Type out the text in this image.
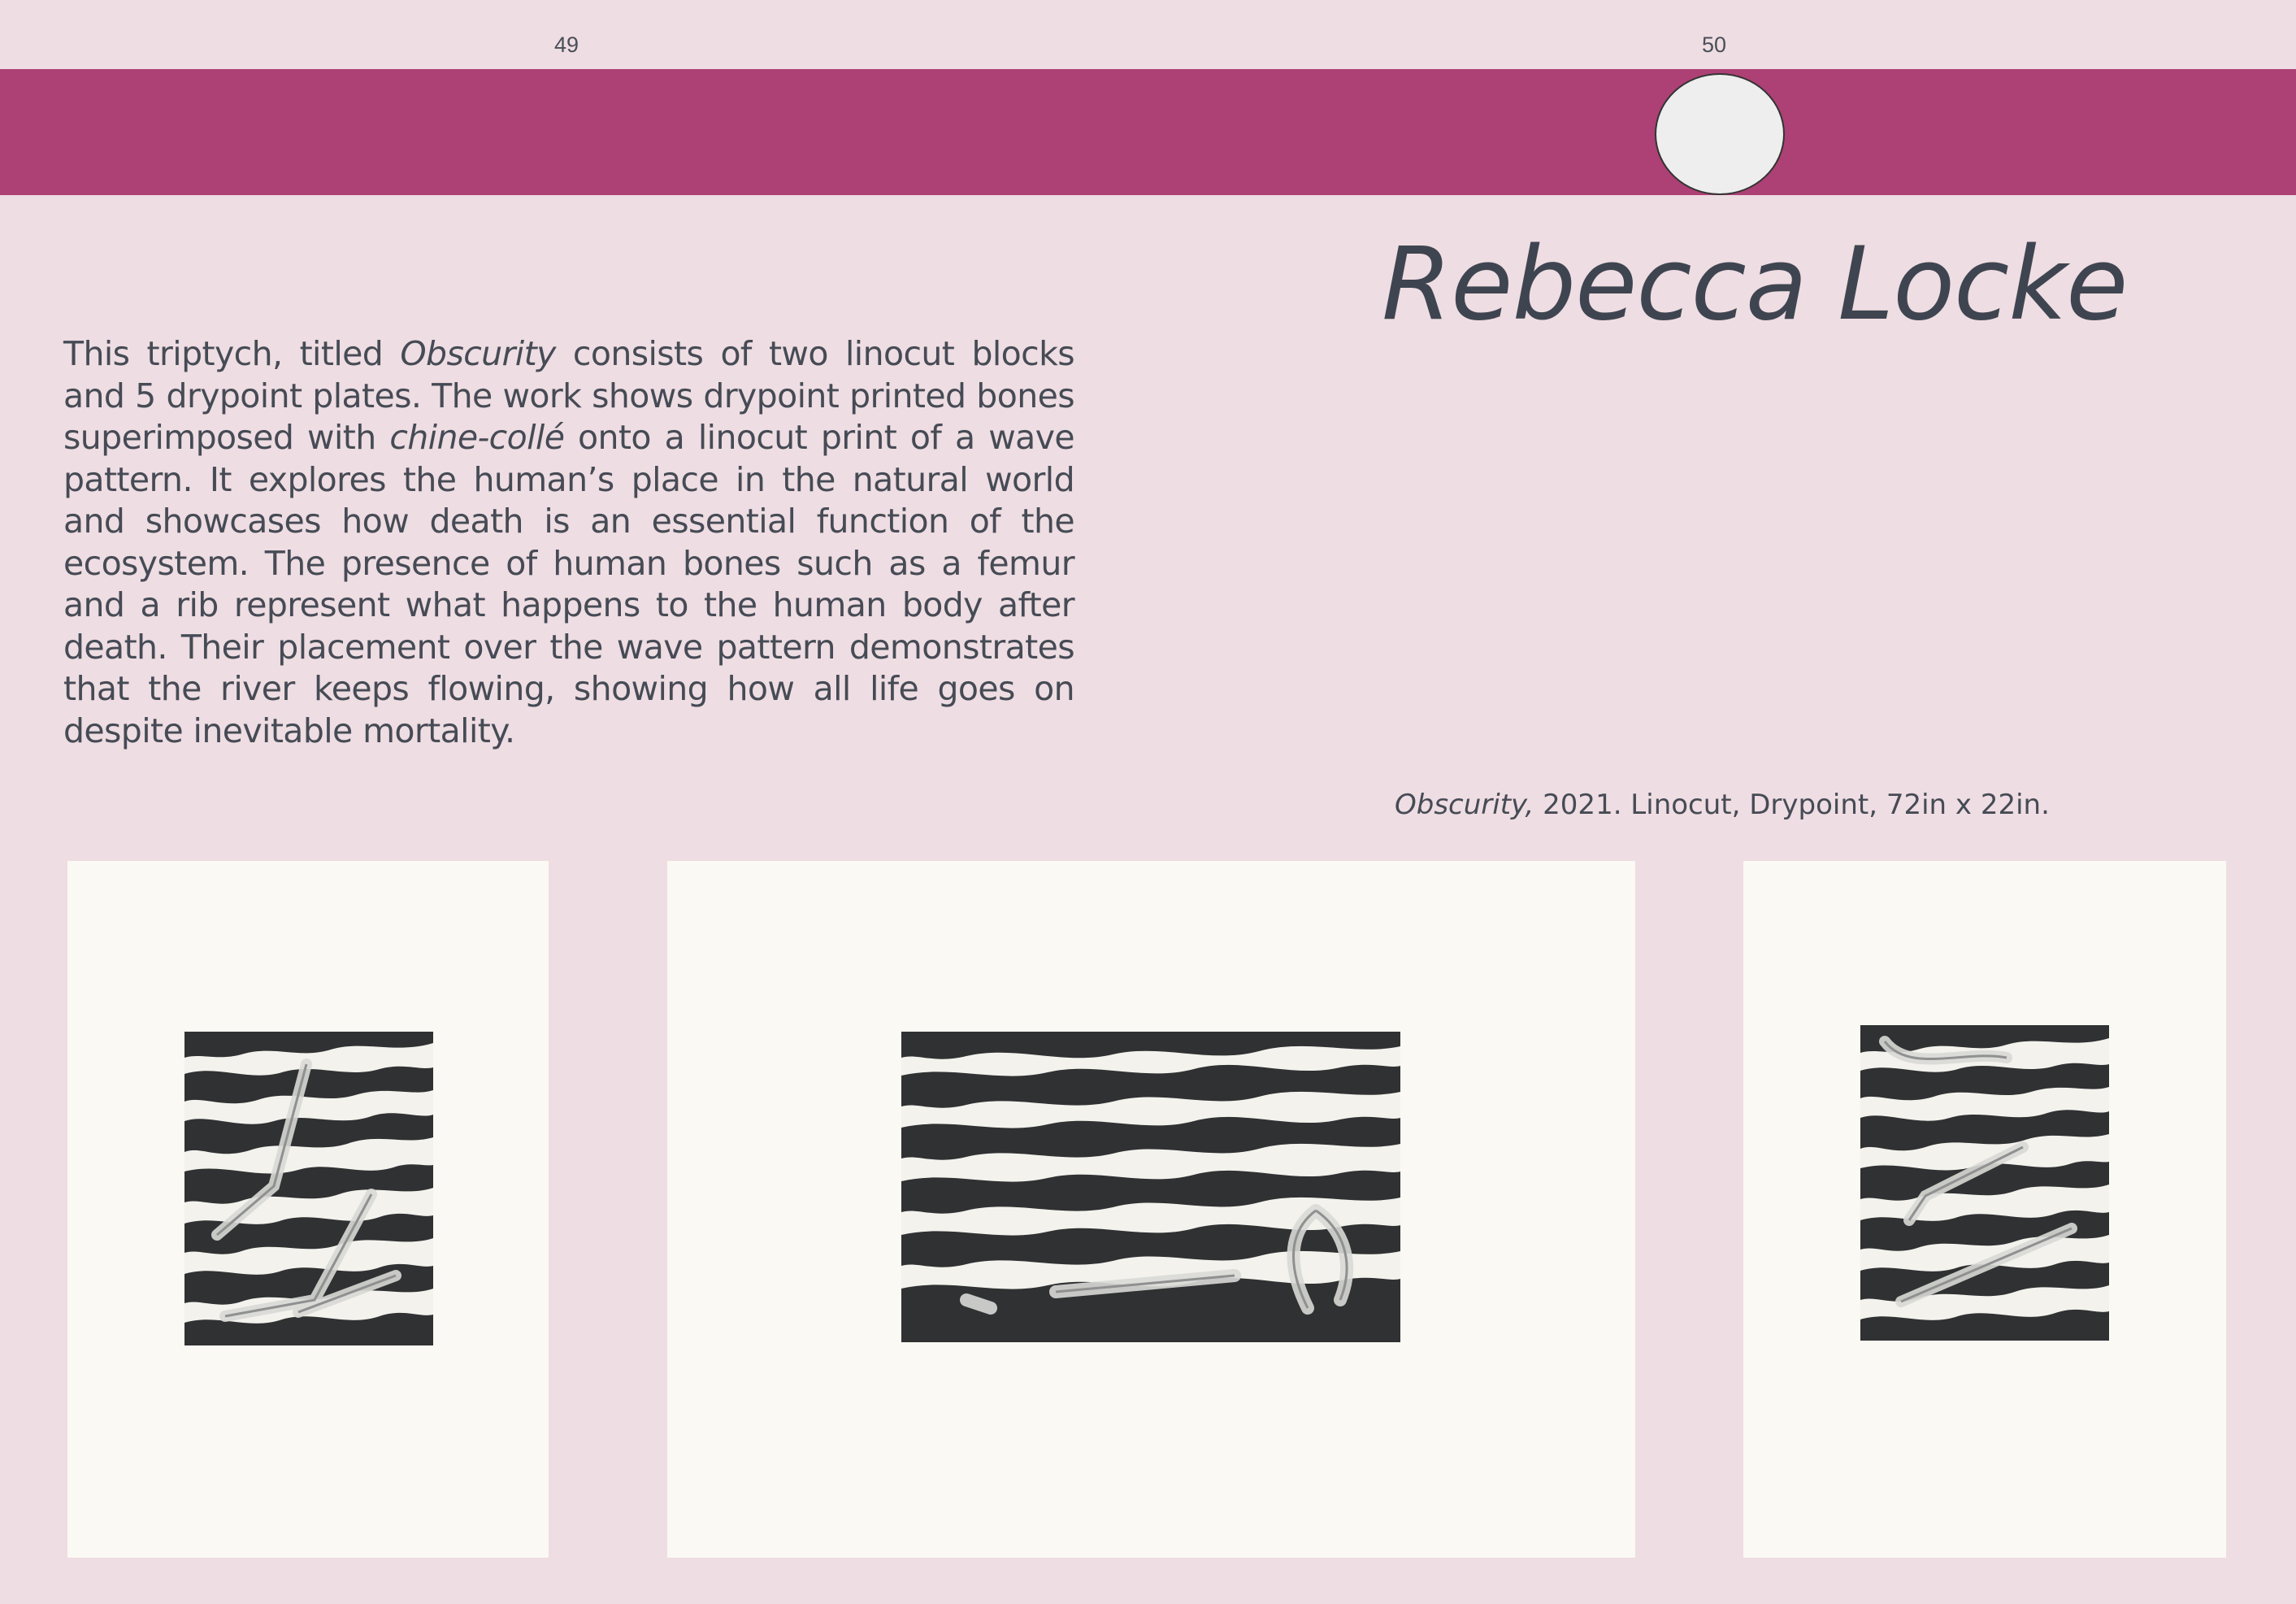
49	50
Rebecca Locke

This triptych, titled Obscurity consists of two linocut blocks and 5 drypoint plates. The work shows drypoint printed bones superimposed with chine-collé onto a linocut print of a wave pattern. It explores the human’s place in the natural world and showcases how death is an essential function of the ecosystem. The presence of human bones such as a femur and a rib represent what happens to the human body after death. Their placement over the wave pattern demonstrates that the river keeps flowing, showing how all life goes on despite inevitable mortality.

Obscurity, 2021. Linocut, Drypoint, 72in x 22in.
